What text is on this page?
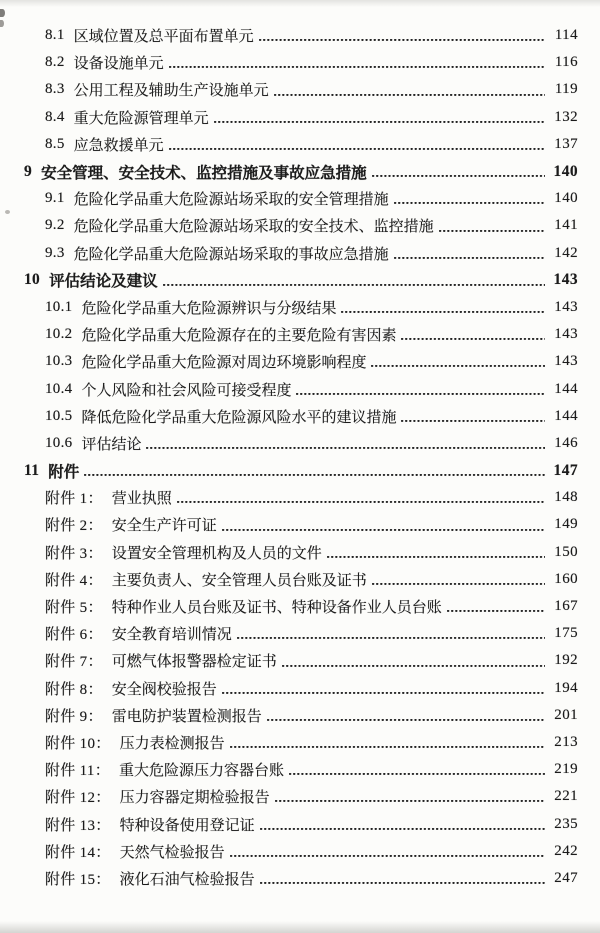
8.1 区域位置及总平面布置单元	114
8.2 设备设施单元	116
8.3 公用工程及辅助生产设施单元	119
8.4 重大危险源管理单元	132
8.5 应急救援单元	137
9 安全管理、安全技术、监控措施及事故应急措施	140
9.1 危险化学品重大危险源站场采取的安全管理措施	140
9.2 危险化学品重大危险源站场采取的安全技术、监控措施	141
9.3 危险化学品重大危险源站场采取的事故应急措施	142
10 评估结论及建议	143
10.1 危险化学品重大危险源辨识与分级结果	143
10.2 危险化学品重大危险源存在的主要危险有害因素	143
10.3 危险化学品重大危险源对周边环境影响程度	143
10.4 个人风险和社会风险可接受程度	144
10.5 降低危险化学品重大危险源风险水平的建议措施	144
10.6 评估结论	146
11 附件	147
附件 1： 营业执照	148
附件 2： 安全生产许可证	149
附件 3： 设置安全管理机构及人员的文件	150
附件 4： 主要负责人、安全管理人员台账及证书	160
附件 5： 特种作业人员台账及证书、特种设备作业人员台账	167
附件 6： 安全教育培训情况	175
附件 7： 可燃气体报警器检定证书	192
附件 8： 安全阀校验报告	194
附件 9： 雷电防护装置检测报告	201
附件 10： 压力表检测报告	213
附件 11： 重大危险源压力容器台账	219
附件 12： 压力容器定期检验报告	221
附件 13： 特种设备使用登记证	235
附件 14： 天然气检验报告	242
附件 15： 液化石油气检验报告	247
